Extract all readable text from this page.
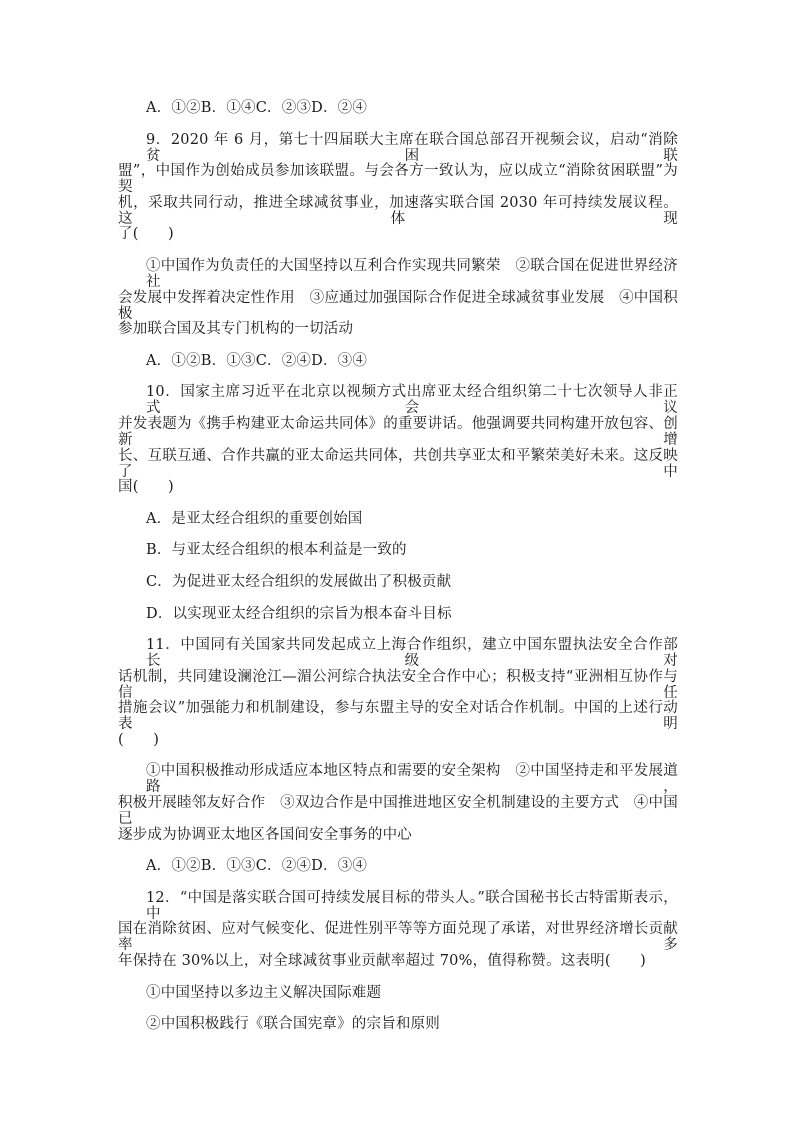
A．①②B．①④C．②③D．②④
9．2020 年 6 月，第七十四届联大主席在联合国总部召开视频会议，启动“消除贫困联
盟”，中国作为创始成员参加该联盟。与会各方一致认为，应以成立“消除贫困联盟”为契
机，采取共同行动，推进全球减贫事业，加速落实联合国 2030 年可持续发展议程。这体现
了(　　)
①中国作为负责任的大国坚持以互利合作实现共同繁荣　②联合国在促进世界经济社
会发展中发挥着决定性作用　③应通过加强国际合作促进全球减贫事业发展　④中国积极
参加联合国及其专门机构的一切活动
A．①②B．①③C．②④D．③④
10．国家主席习近平在北京以视频方式出席亚太经合组织第二十七次领导人非正式会议
并发表题为《携手构建亚太命运共同体》的重要讲话。他强调要共同构建开放包容、创新增
长、互联互通、合作共赢的亚太命运共同体，共创共享亚太和平繁荣美好未来。这反映了中
国(　　)
A．是亚太经合组织的重要创始国
B．与亚太经合组织的根本利益是一致的
C．为促进亚太经合组织的发展做出了积极贡献
D．以实现亚太经合组织的宗旨为根本奋斗目标
11．中国同有关国家共同发起成立上海合作组织，建立中国东盟执法安全合作部长级对
话机制，共同建设澜沧江—湄公河综合执法安全合作中心；积极支持“亚洲相互协作与信任
措施会议”加强能力和机制建设，参与东盟主导的安全对话合作机制。中国的上述行动表明
(　　)
①中国积极推动形成适应本地区特点和需要的安全架构　②中国坚持走和平发展道路，
积极开展睦邻友好合作　③双边合作是中国推进地区安全机制建设的主要方式　④中国已
逐步成为协调亚太地区各国间安全事务的中心
A．①②B．①③C．②④D．③④
12．“中国是落实联合国可持续发展目标的带头人。”联合国秘书长古特雷斯表示，中
国在消除贫困、应对气候变化、促进性别平等等方面兑现了承诺，对世界经济增长贡献率多
年保持在 30%以上，对全球减贫事业贡献率超过 70%，值得称赞。这表明(　　)
①中国坚持以多边主义解决国际难题
②中国积极践行《联合国宪章》的宗旨和原则
